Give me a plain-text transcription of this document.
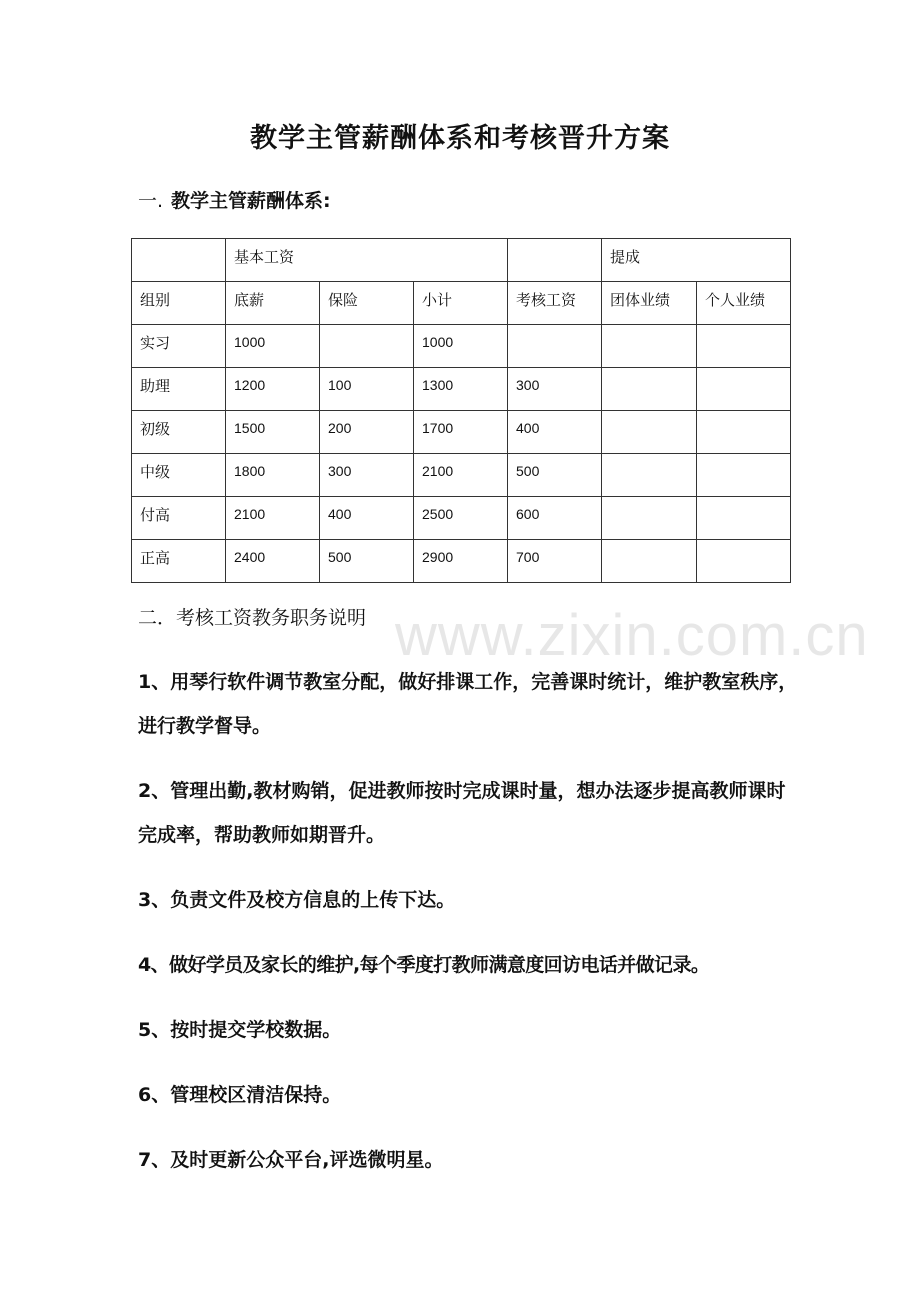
教学主管薪酬体系和考核晋升方案
一. 教学主管薪酬体系:
	基本工资				提成	
组别	底薪	保险	小计	考核工资	团体业绩	个人业绩
实习	1000		1000			
助理	1200	100	1300	300		
初级	1500	200	1700	400		
中级	1800	300	2100	500		
付高	2100	400	2500	600		
正高	2400	500	2900	700		
www.zixin.com.cn
二．考核工资教务职务说明
1、用琴行软件调节教室分配，做好排课工作，完善课时统计，维护教室秩序，进行教学督导。
2、管理出勤,教材购销，促进教师按时完成课时量，想办法逐步提高教师课时完成率，帮助教师如期晋升。
3、负责文件及校方信息的上传下达。
4、做好学员及家长的维护,每个季度打教师满意度回访电话并做记录。
5、按时提交学校数据。
6、管理校区清洁保持。
7、及时更新公众平台,评选微明星。
